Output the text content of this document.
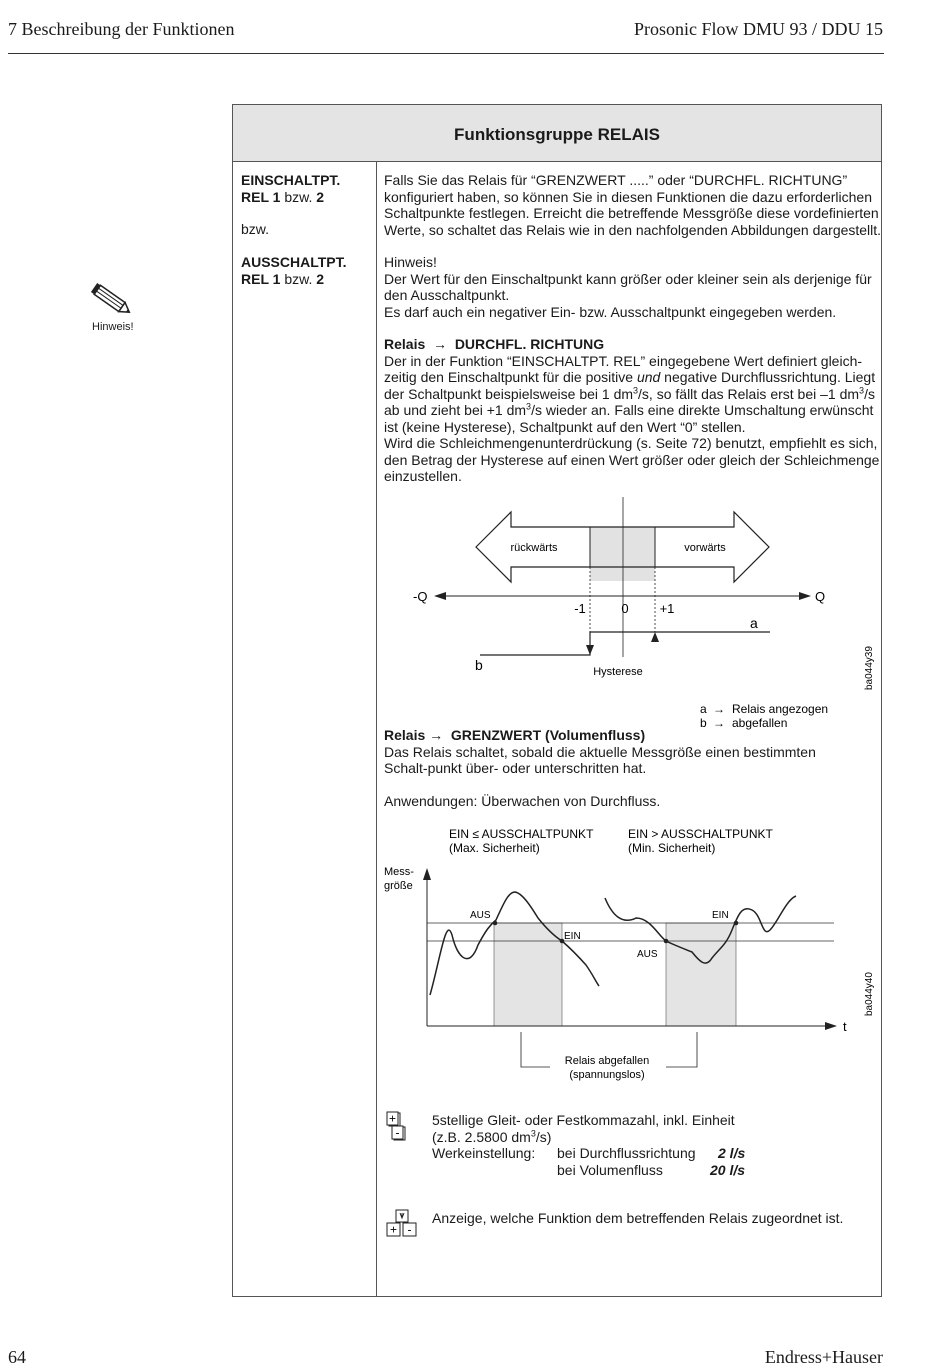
7 Beschreibung der Funktionen	Prosonic Flow DMU 93 / DDU 15
Hinweis!
Funktionsgruppe RELAIS
EINSCHALTPT.
REL 1 bzw. 2
bzw.
AUSSCHALTPT.
REL 1 bzw. 2
Falls Sie das Relais für “GRENZWERT .....” oder “DURCHFL. RICHTUNG” konfiguriert haben, so können Sie in diesen Funktionen die dazu erforderlichen Schaltpunkte festlegen. Erreicht die betreffende Messgröße diese vordefinierten Werte, so schaltet das Relais wie in den nachfolgenden Abbildungen dargestellt.

Hinweis!

Der Wert für den Einschaltpunkt kann größer oder kleiner sein als derjenige für den Ausschaltpunkt.

Es darf auch ein negativer Ein- bzw. Ausschaltpunkt eingegeben werden.

Relais → DURCHFL. RICHTUNG

Der in der Funktion “EINSCHALTPT. REL” eingegebene Wert definiert gleich-

zeitig den Einschaltpunkt für die positive und negative Durchflussrichtung. Liegt

der Schaltpunkt beispielsweise bei 1 $dm^3/s$, so fällt das Relais erst bei –1 $dm^3/s$

ab und zieht bei +1 $dm^3/s$ wieder an. Falls eine direkte Umschaltung erwünscht

ist (keine Hysterese), Schaltpunkt auf den Wert “0” stellen.

Wird die Schleichmengenunterdrückung (s. Seite 72) benutzt, empfiehlt es sich, den Betrag der Hysterese auf einen Wert größer oder gleich der Schleichmenge einzustellen.

rückwärts	vorwärts
-Q	Q
-1	0 +1
a
b	Hysterese	ba044y39
a → Relais angezogen
b → abgefallen

Relais → GRENZWERT (Volumenfluss)

Das Relais schaltet, sobald die aktuelle Messgröße einen bestimmten Schalt-punkt über- oder unterschritten hat.

Anwendungen: Überwachen von Durchfluss.

EIN ≤ AUSSCHALTPUNKT
(Max. Sicherheit)
EIN > AUSSCHALTPUNKT
(Min. Sicherheit)
Mess-
größe
t
AUS
EIN
AUS
EIN
Relais abgefallen
(spannungslos)
ba044y40
+
-

5stellige Gleit- oder Festkommazahl, inkl. Einheit

(z.B. 2.5800 $dm^3/s$)

Werkeinstellung: bei Durchflussrichtung 2 l/s
bei Volumenfluss	20 l/s
+ -
Anzeige, welche Funktion dem betreffenden Relais zugeordnet ist.
64	Endress+Hauser
